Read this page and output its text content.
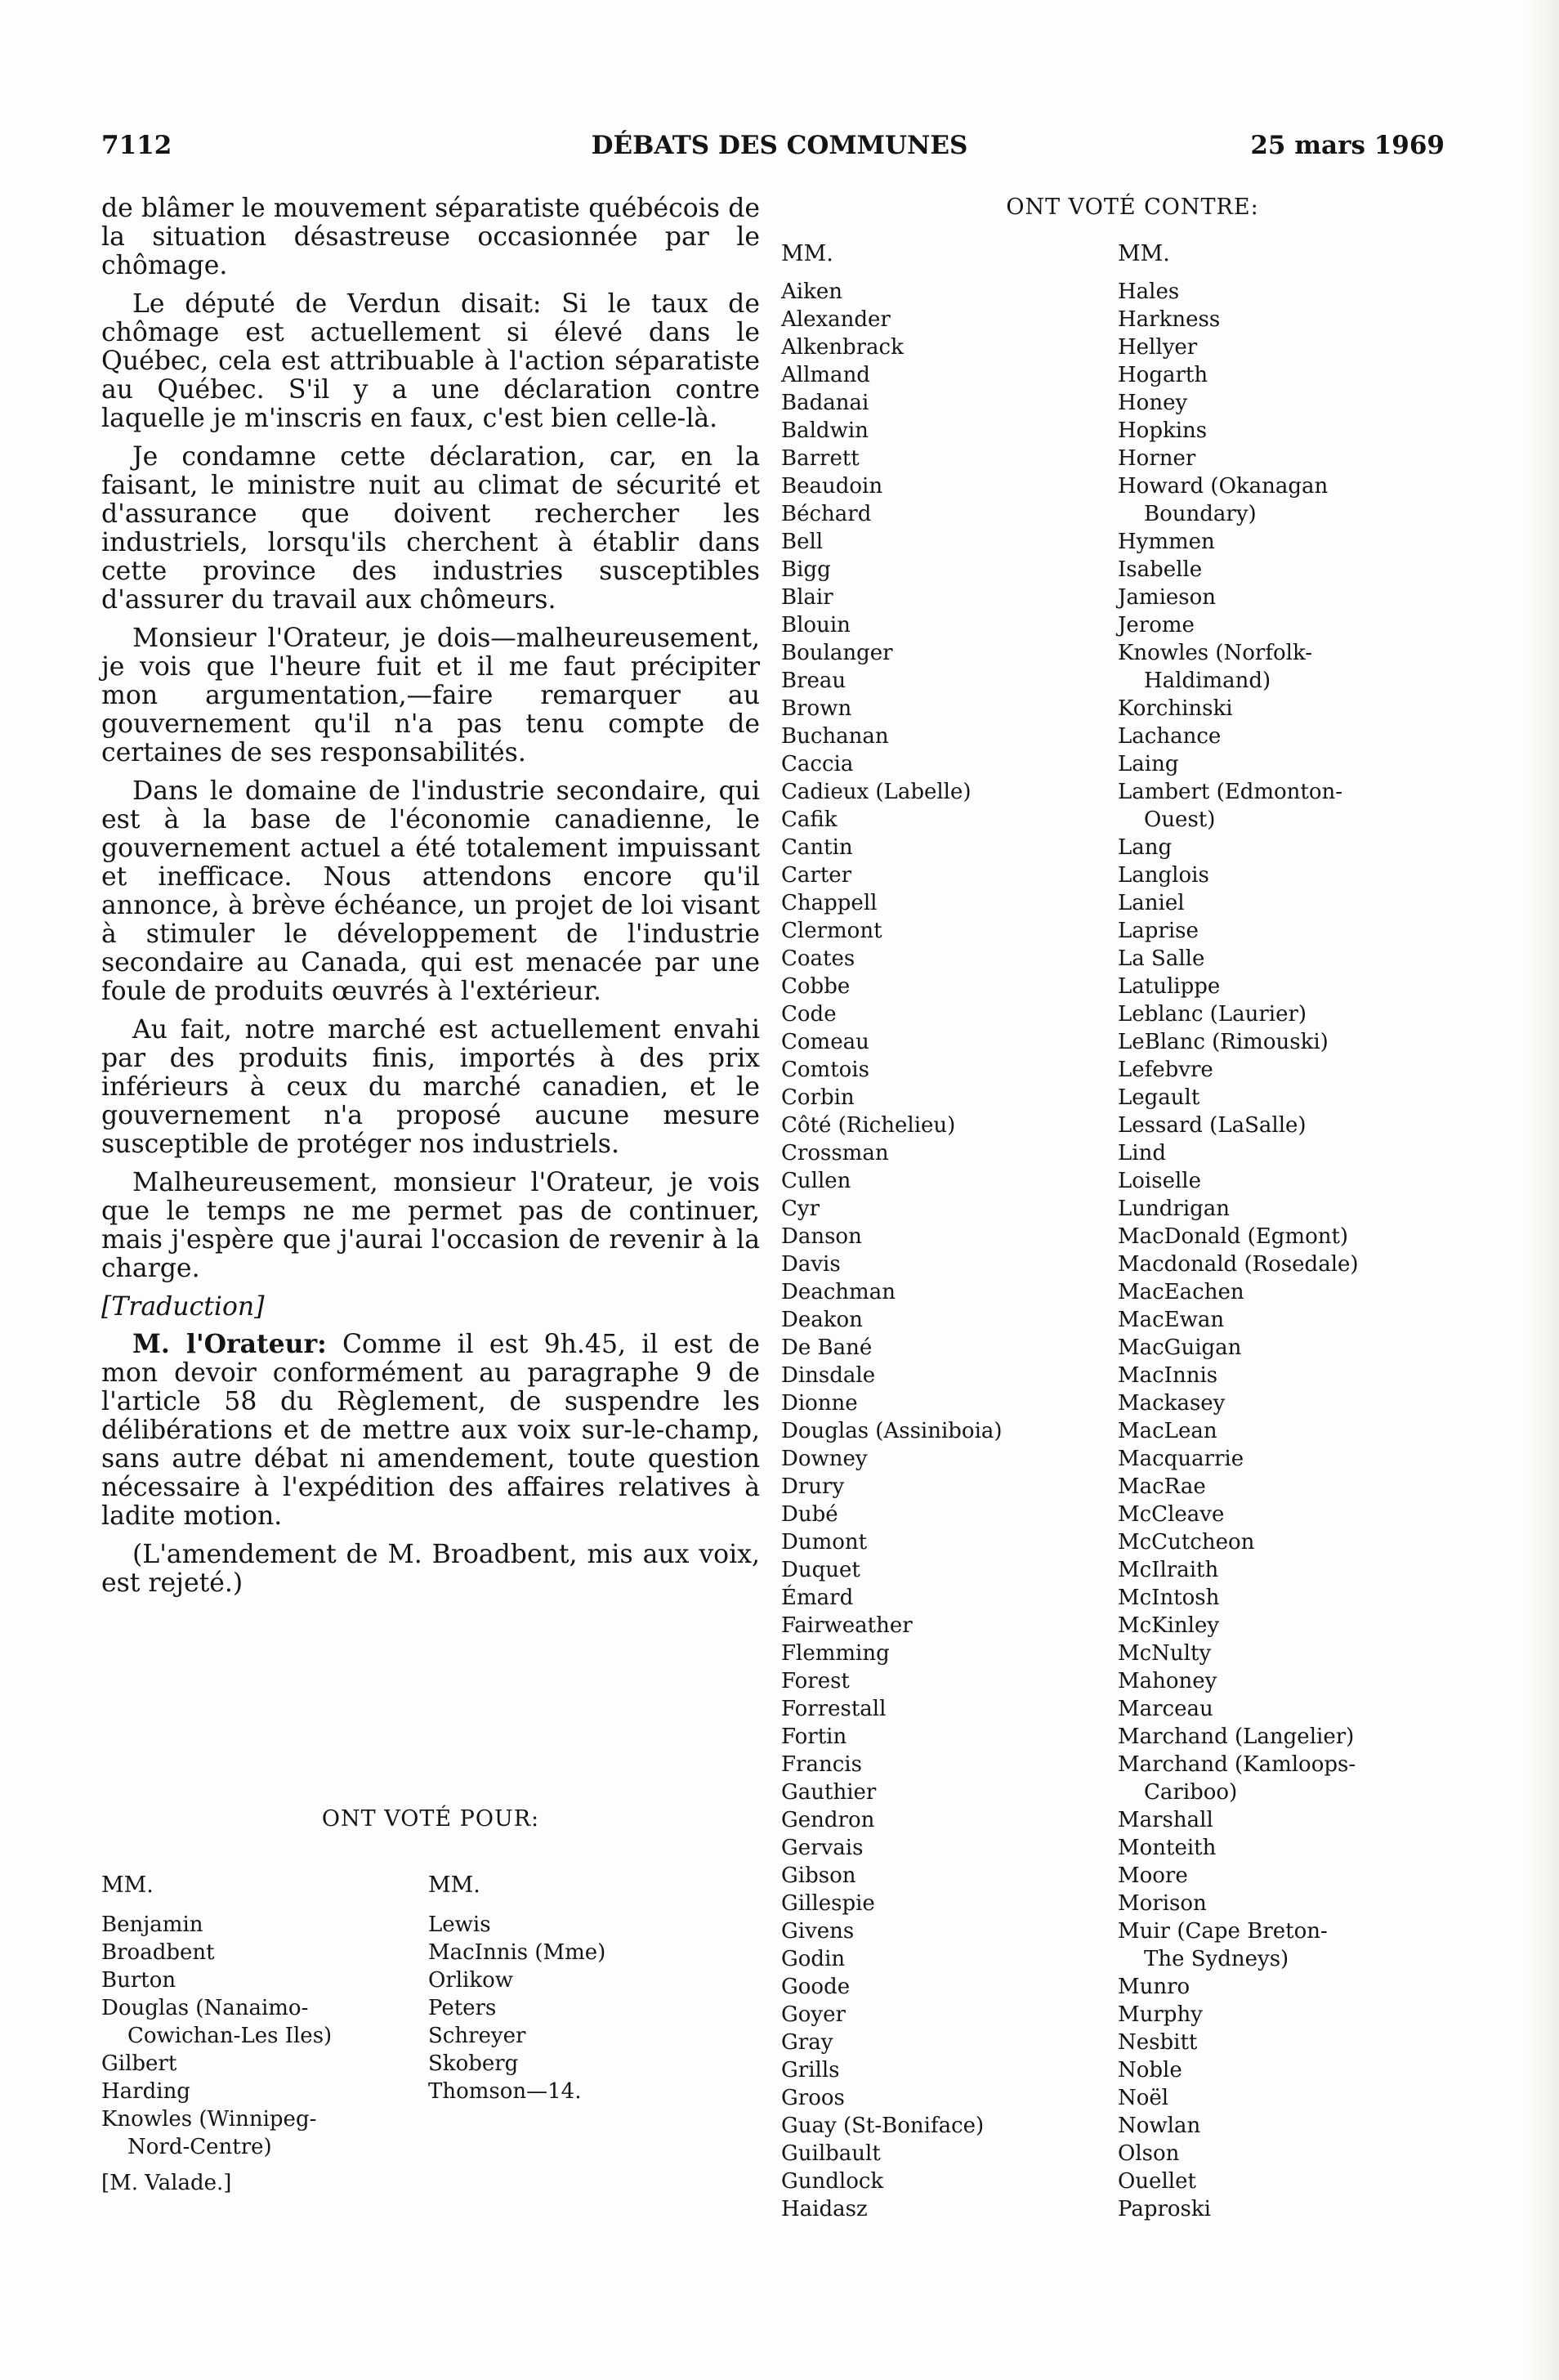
7112	DÉBATS DES COMMUNES	25 mars 1969

de blâmer le mouvement séparatiste québécois de la situation désastreuse occasionnée par le chômage.

Le député de Verdun disait: Si le taux de chômage est actuellement si élevé dans le Québec, cela est attribuable à l'action séparatiste au Québec. S'il y a une déclaration contre laquelle je m'inscris en faux, c'est bien celle-là.

Je condamne cette déclaration, car, en la faisant, le ministre nuit au climat de sécurité et d'assurance que doivent rechercher les industriels, lorsqu'ils cherchent à établir dans cette province des industries susceptibles d'assurer du travail aux chômeurs.

Monsieur l'Orateur, je dois—malheureusement, je vois que l'heure fuit et il me faut précipiter mon argumentation,—faire remarquer au gouvernement qu'il n'a pas tenu compte de certaines de ses responsabilités.

Dans le domaine de l'industrie secondaire, qui est à la base de l'économie canadienne, le gouvernement actuel a été totalement impuissant et inefficace. Nous attendons encore qu'il annonce, à brève échéance, un projet de loi visant à stimuler le développement de l'industrie secondaire au Canada, qui est menacée par une foule de produits œuvrés à l'extérieur.

Au fait, notre marché est actuellement envahi par des produits finis, importés à des prix inférieurs à ceux du marché canadien, et le gouvernement n'a proposé aucune mesure susceptible de protéger nos industriels.

Malheureusement, monsieur l'Orateur, je vois que le temps ne me permet pas de continuer, mais j'espère que j'aurai l'occasion de revenir à la charge.

[Traduction]

M. l'Orateur: Comme il est 9h.45, il est de mon devoir conformément au paragraphe 9 de l'article 58 du Règlement, de suspendre les délibérations et de mettre aux voix sur-le-champ, sans autre débat ni amendement, toute question nécessaire à l'expédition des affaires relatives à ladite motion.

(L'amendement de M. Broadbent, mis aux voix, est rejeté.)

ONT VOTÉ POUR:
MM.
Benjamin
Broadbent
Burton
Douglas (Nanaimo-
Cowichan-Les Iles)
Gilbert
Harding
Knowles (Winnipeg-
Nord-Centre)
[M. Valade.]
MM.
Lewis
MacInnis (Mme)
Orlikow
Peters
Schreyer
Skoberg
Thomson—14.
ONT VOTÉ CONTRE:
MM.
Aiken
Alexander
Alkenbrack
Allmand
Badanai
Baldwin
Barrett
Beaudoin
Béchard
Bell
Bigg
Blair
Blouin
Boulanger
Breau
Brown
Buchanan
Caccia
Cadieux (Labelle)
Cafik
Cantin
Carter
Chappell
Clermont
Coates
Cobbe
Code
Comeau
Comtois
Corbin
Côté (Richelieu)
Crossman
Cullen
Cyr
Danson
Davis
Deachman
Deakon
De Bané
Dinsdale
Dionne
Douglas (Assiniboia)
Downey
Drury
Dubé
Dumont
Duquet
Émard
Fairweather
Flemming
Forest
Forrestall
Fortin
Francis
Gauthier
Gendron
Gervais
Gibson
Gillespie
Givens
Godin
Goode
Goyer
Gray
Grills
Groos
Guay (St-Boniface)
Guilbault
Gundlock
Haidasz
MM.
Hales
Harkness
Hellyer
Hogarth
Honey
Hopkins
Horner
Howard (Okanagan
Boundary)
Hymmen
Isabelle
Jamieson
Jerome
Knowles (Norfolk-
Haldimand)
Korchinski
Lachance
Laing
Lambert (Edmonton-
Ouest)
Lang
Langlois
Laniel
Laprise
La Salle
Latulippe
Leblanc (Laurier)
LeBlanc (Rimouski)
Lefebvre
Legault
Lessard (LaSalle)
Lind
Loiselle
Lundrigan
MacDonald (Egmont)
Macdonald (Rosedale)
MacEachen
MacEwan
MacGuigan
MacInnis
Mackasey
MacLean
Macquarrie
MacRae
McCleave
McCutcheon
McIlraith
McIntosh
McKinley
McNulty
Mahoney
Marceau
Marchand (Langelier)
Marchand (Kamloops-
Cariboo)
Marshall
Monteith
Moore
Morison
Muir (Cape Breton-
The Sydneys)
Munro
Murphy
Nesbitt
Noble
Noël
Nowlan
Olson
Ouellet
Paproski
